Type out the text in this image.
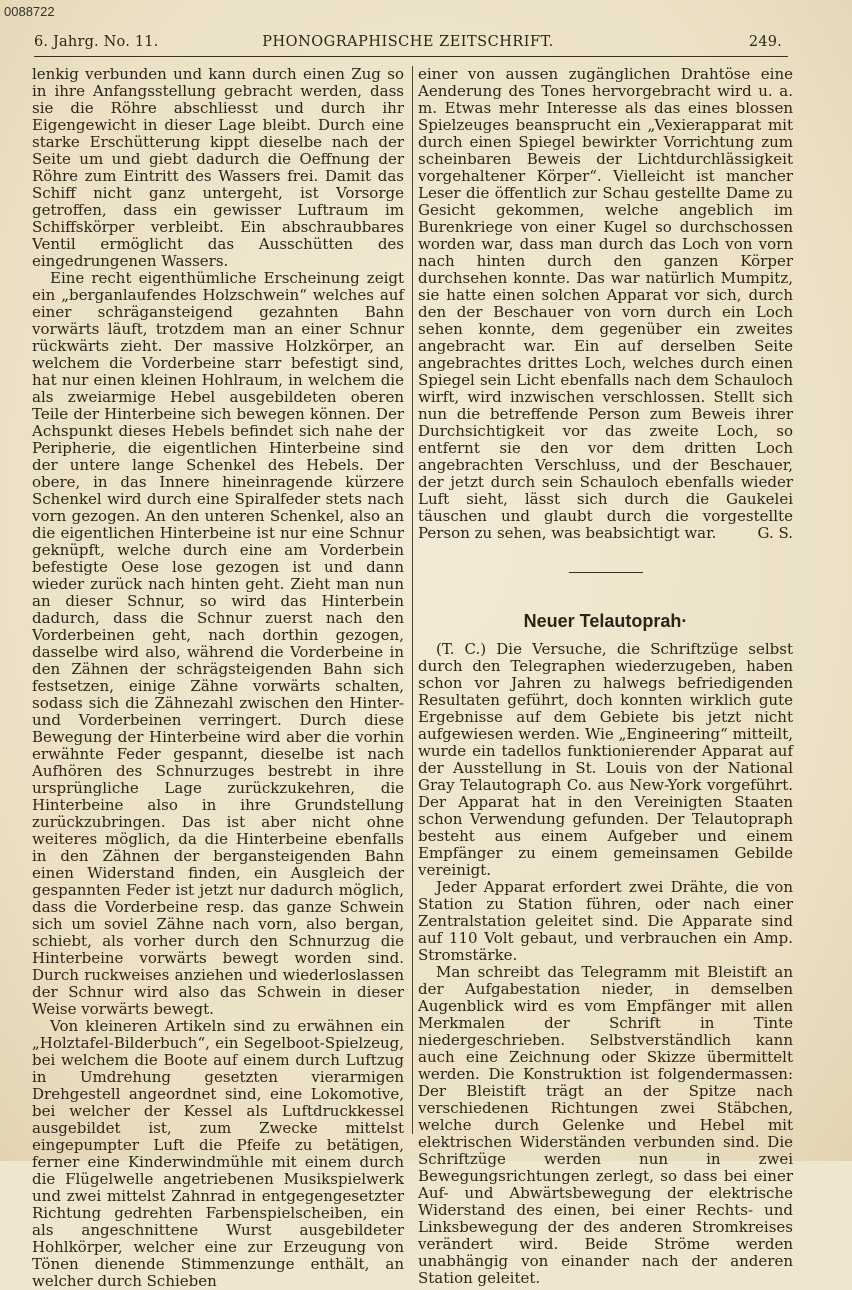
0088722
6. Jahrg. No. 11.	PHONOGRAPHISCHE ZEITSCHRIFT.	249.

lenkig verbunden und kann durch einen Zug so in ihre Anfangsstellung gebracht werden, dass sie die Röhre abschliesst und durch ihr Eigengewicht in dieser Lage bleibt. Durch eine starke Erschütterung kippt dieselbe nach der Seite um und giebt dadurch die Oeffnung der Röhre zum Eintritt des Wassers frei. Damit das Schiff nicht ganz untergeht, ist Vorsorge getroffen, dass ein gewisser Luftraum im Schiffskörper verbleibt. Ein abschraubbares Ventil ermöglicht das Ausschütten des eingedrungenen Wassers.

Eine recht eigenthümliche Erscheinung zeigt ein „berganlaufendes Holzschwein“ welches auf einer schrägansteigend gezahnten Bahn vorwärts läuft, trotzdem man an einer Schnur rückwärts zieht. Der massive Holzkörper, an welchem die Vorderbeine starr befestigt sind, hat nur einen kleinen Hohlraum, in welchem die als zweiarmige Hebel ausgebildeten oberen Teile der Hinterbeine sich bewegen können. Der Achspunkt dieses Hebels befindet sich nahe der Peripherie, die eigentlichen Hinterbeine sind der untere lange Schenkel des Hebels. Der obere, in das Innere hineinragende kürzere Schenkel wird durch eine Spiralfeder stets nach vorn gezogen. An den unteren Schenkel, also an die eigentlichen Hinterbeine ist nur eine Schnur geknüpft, welche durch eine am Vorderbein befestigte Oese lose gezogen ist und dann wieder zurück nach hinten geht. Zieht man nun an dieser Schnur, so wird das Hinterbein dadurch, dass die Schnur zuerst nach den Vorderbeinen geht, nach dorthin gezogen, dasselbe wird also, während die Vorderbeine in den Zähnen der schrägsteigenden Bahn sich festsetzen, einige Zähne vorwärts schalten, sodass sich die Zähnezahl zwischen den Hinter- und Vorderbeinen verringert. Durch diese Bewegung der Hinterbeine wird aber die vorhin erwähnte Feder gespannt, dieselbe ist nach Aufhören des Schnurzuges bestrebt in ihre ursprüngliche Lage zurückzukehren, die Hinterbeine also in ihre Grundstellung zurückzubringen. Das ist aber nicht ohne weiteres möglich, da die Hinterbeine ebenfalls in den Zähnen der bergansteigenden Bahn einen Widerstand finden, ein Ausgleich der gespannten Feder ist jetzt nur dadurch möglich, dass die Vorderbeine resp. das ganze Schwein sich um soviel Zähne nach vorn, also bergan, schiebt, als vorher durch den Schnurzug die Hinterbeine vorwärts bewegt worden sind. Durch ruckweises anziehen und wiederloslassen der Schnur wird also das Schwein in dieser Weise vorwärts bewegt.

Von kleineren Artikeln sind zu erwähnen ein „Holztafel-Bilderbuch“, ein Segelboot-Spielzeug, bei welchem die Boote auf einem durch Luftzug in Umdrehung gesetzten vierarmigen Drehgestell angeordnet sind, eine Lokomotive, bei welcher der Kessel als Luftdruckkessel ausgebildet ist, zum Zwecke mittelst eingepumpter Luft die Pfeife zu betätigen, ferner eine Kinderwindmühle mit einem durch die Flügelwelle angetriebenen Musikspielwerk und zwei mittelst Zahnrad in entgegengesetzter Richtung gedrehten Farbenspielscheiben, ein als angeschnittene Wurst ausgebildeter Hohlkörper, welcher eine zur Erzeugung von Tönen dienende Stimmenzunge enthält, an welcher durch Schieben

einer von aussen zugänglichen Drahtöse eine Aenderung des Tones hervorgebracht wird u. a. m. Etwas mehr Interesse als das eines blossen Spielzeuges beansprucht ein „Vexierapparat mit durch einen Spiegel bewirkter Vorrichtung zum scheinbaren Beweis der Lichtdurchlässigkeit vorgehaltener Körper“. Vielleicht ist mancher Leser die öffentlich zur Schau gestellte Dame zu Gesicht gekommen, welche angeblich im Burenkriege von einer Kugel so durchschossen worden war, dass man durch das Loch von vorn nach hinten durch den ganzen Körper durchsehen konnte. Das war natürlich Mumpitz, sie hatte einen solchen Apparat vor sich, durch den der Beschauer von vorn durch ein Loch sehen konnte, dem gegenüber ein zweites angebracht war. Ein auf derselben Seite angebrachtes drittes Loch, welches durch einen Spiegel sein Licht ebenfalls nach dem Schauloch wirft, wird inzwischen verschlossen. Stellt sich nun die betreffende Person zum Beweis ihrer Durchsichtigkeit vor das zweite Loch, so entfernt sie den vor dem dritten Loch angebrachten Verschluss, und der Beschauer, der jetzt durch sein Schauloch ebenfalls wieder Luft sieht, lässt sich durch die Gaukelei täuschen und glaubt durch die vorgestellte Person zu sehen, was beabsichtigt war.	G. S.

Neuer Telautoprah·

(T. C.) Die Versuche, die Schriftzüge selbst durch den Telegraphen wiederzugeben, haben schon vor Jahren zu halwegs befriedigenden Resultaten geführt, doch konnten wirklich gute Ergebnisse auf dem Gebiete bis jetzt nicht aufgewiesen werden. Wie „Engineering“ mitteilt, wurde ein tadellos funktionierender Apparat auf der Ausstellung in St. Louis von der National Gray Telautograph Co. aus New-York vorgeführt. Der Apparat hat in den Vereinigten Staaten schon Verwendung gefunden. Der Telautopraph besteht aus einem Aufgeber und einem Empfänger zu einem gemeinsamen Gebilde vereinigt.

Jeder Apparat erfordert zwei Drähte, die von Station zu Station führen, oder nach einer Zentralstation geleitet sind. Die Apparate sind auf 110 Volt gebaut, und verbrauchen ein Amp. Stromstärke.

Man schreibt das Telegramm mit Bleistift an der Aufgabestation nieder, in demselben Augenblick wird es vom Empfänger mit allen Merkmalen der Schrift in Tinte niedergeschrieben. Selbstverständlich kann auch eine Zeichnung oder Skizze übermittelt werden. Die Konstruktion ist folgendermassen: Der Bleistift trägt an der Spitze nach verschiedenen Richtungen zwei Stäbchen, welche durch Gelenke und Hebel mit elektrischen Widerständen verbunden sind. Die Schriftzüge werden nun in zwei Bewegungsrichtungen zerlegt, so dass bei einer Auf- und Abwärtsbewegung der elektrische Widerstand des einen, bei einer Rechts- und Linksbewegung der des anderen Stromkreises verändert wird. Beide Ströme werden unabhängig von einander nach der anderen Station geleitet.
